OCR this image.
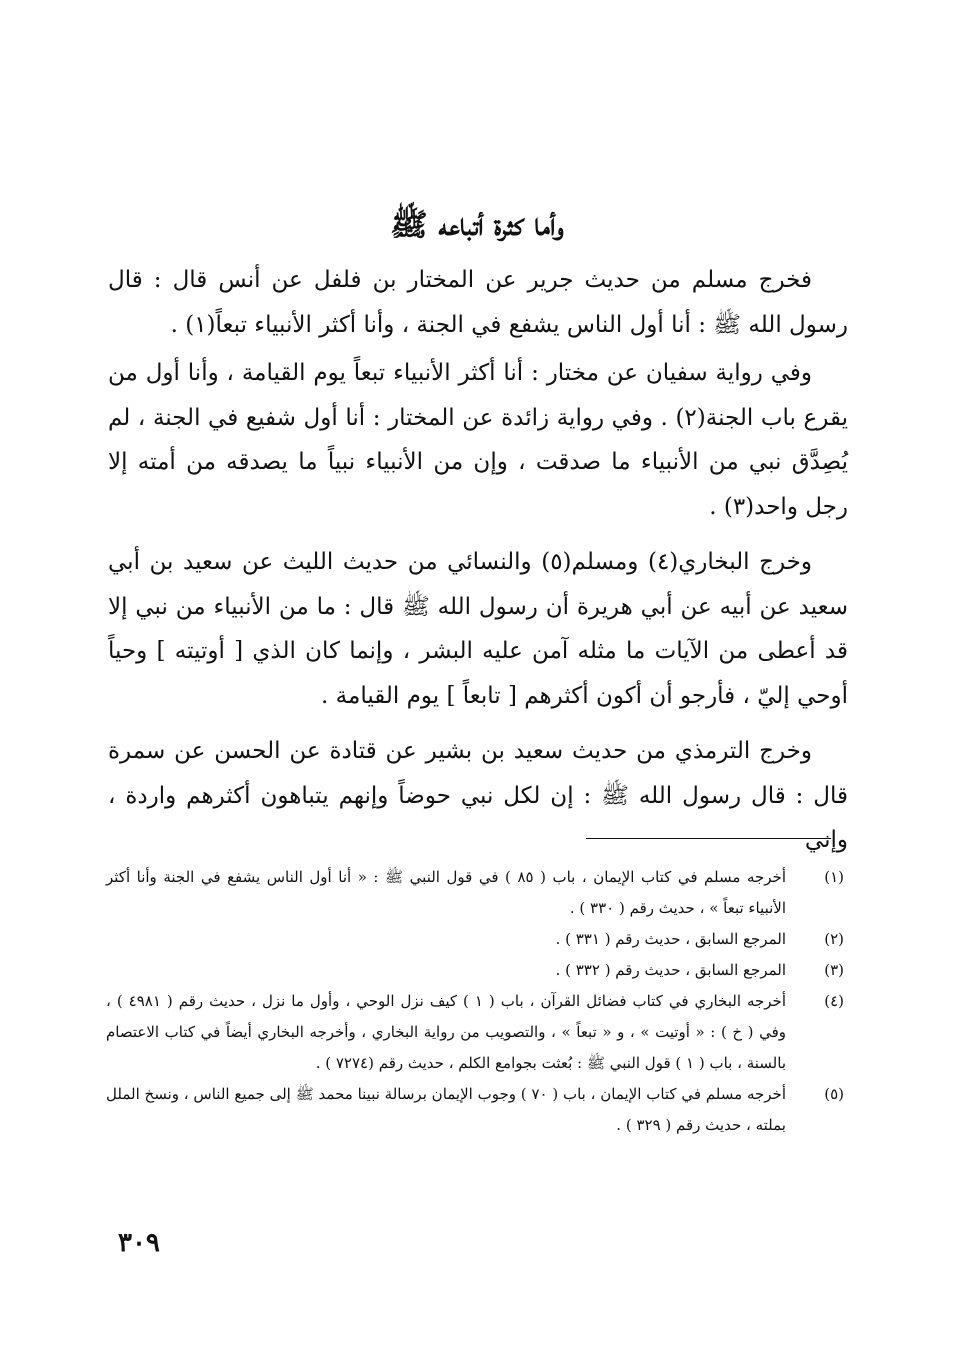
وأما كثرة أتباعه ﷺ

فخرج مسلم من حديث جرير عن المختار بن فلفل عن أنس قال : قال رسول الله ﷺ : أنا أول الناس يشفع في الجنة ، وأنا أكثر الأنبياء تبعاً(١) .

وفي رواية سفيان عن مختار : أنا أكثر الأنبياء تبعاً يوم القيامة ، وأنا أول من يقرع باب الجنة(٢) . وفي رواية زائدة عن المختار : أنا أول شفيع في الجنة ، لم يُصِدَّق نبي من الأنبياء ما صدقت ، وإن من الأنبياء نبياً ما يصدقه من أمته إلا رجل واحد(٣) .

وخرج البخاري(٤) ومسلم(٥) والنسائي من حديث الليث عن سعيد بن أبي سعيد عن أبيه عن أبي هريرة أن رسول الله ﷺ قال : ما من الأنبياء من نبي إلا قد أعطى من الآيات ما مثله آمن عليه البشر ، وإنما كان الذي [ أوتيته ] وحياً أوحي إليّ ، فأرجو أن أكون أكثرهم [ تابعاً ] يوم القيامة .

وخرج الترمذي من حديث سعيد بن بشير عن قتادة عن الحسن عن سمرة قال : قال رسول الله ﷺ : إن لكل نبي حوضاً وإنهم يتباهون أكثرهم واردة ، وإني

(١)
أخرجه مسلم في كتاب الإيمان ، باب ( ٨٥ ) في قول النبي ﷺ : « أنا أول الناس يشفع في الجنة وأنا أكثر الأنبياء تبعاً » ، حديث رقم ( ٣٣٠ ) .
(٢)
المرجع السابق ، حديث رقم ( ٣٣١ ) .
(٣)
المرجع السابق ، حديث رقم ( ٣٣٢ ) .
(٤)
أخرجه البخاري في كتاب فضائل القرآن ، باب ( ١ ) كيف نزل الوحي ، وأول ما نزل ، حديث رقم ( ٤٩٨١ ) ، وفي ( خ ) : « أوتيت » ، و « تبعاً » ، والتصويب من رواية البخاري ، وأخرجه البخاري أيضاً في كتاب الاعتصام بالسنة ، باب ( ١ ) قول النبي ﷺ : بُعثت بجوامع الكلم ، حديث رقم (٧٢٧٤ ) .
(٥)
أخرجه مسلم في كتاب الإيمان ، باب ( ٧٠ ) وجوب الإيمان برسالة نبينا محمد ﷺ إلى جميع الناس ، ونسخ الملل بملته ، حديث رقم ( ٣٢٩ ) .
٣٠٩
